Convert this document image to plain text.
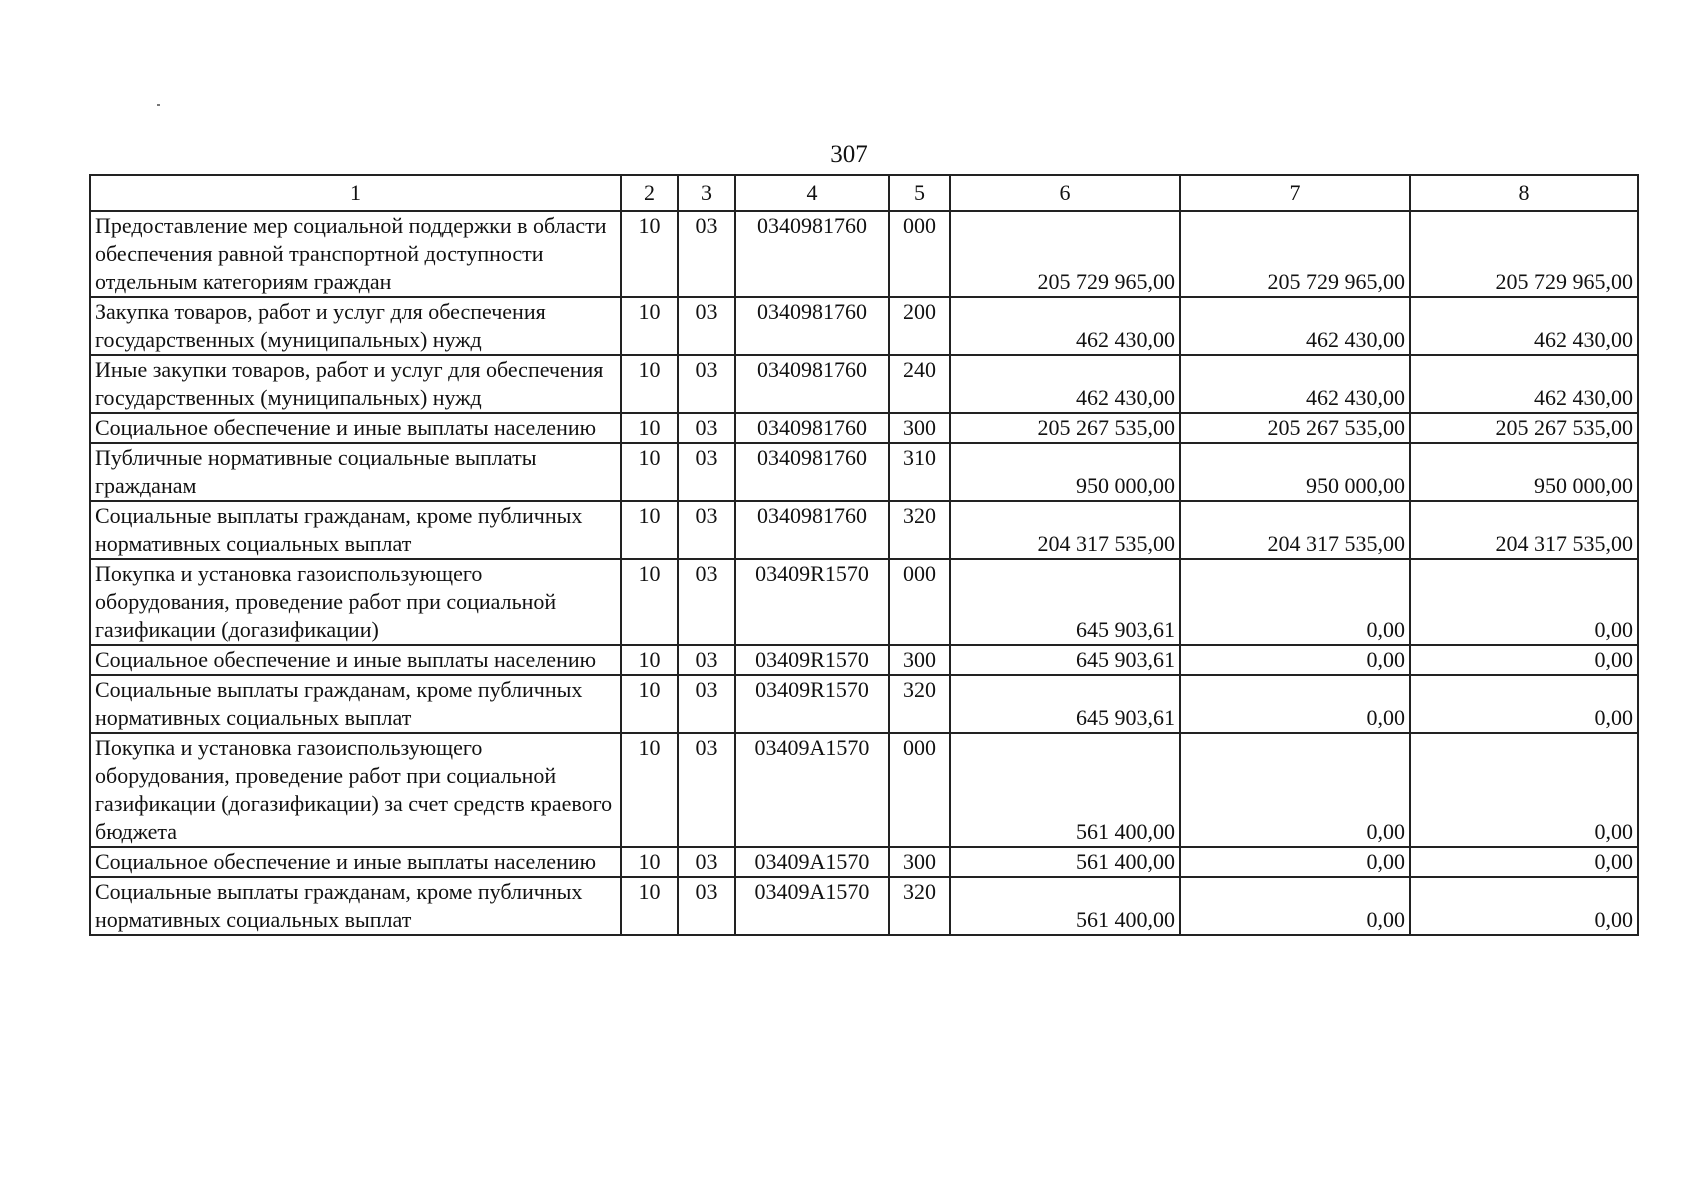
307
1	2	3	4	5	6	7	8
Предоставление мер социальной поддержки в области обеспечения равной транспортной доступности отдельным категориям граждан	10	03	0340981760	000	205 729 965,00	205 729 965,00	205 729 965,00
Закупка товаров, работ и услуг для обеспечения государственных (муниципальных) нужд	10	03	0340981760	200	462 430,00	462 430,00	462 430,00
Иные закупки товаров, работ и услуг для обеспечения государственных (муниципальных) нужд	10	03	0340981760	240	462 430,00	462 430,00	462 430,00
Социальное обеспечение и иные выплаты населению	10	03	0340981760	300	205 267 535,00	205 267 535,00	205 267 535,00
Публичные нормативные социальные выплаты гражданам	10	03	0340981760	310	950 000,00	950 000,00	950 000,00
Социальные выплаты гражданам, кроме публичных нормативных социальных выплат	10	03	0340981760	320	204 317 535,00	204 317 535,00	204 317 535,00
Покупка и установка газоиспользующего оборудования, проведение работ при социальной газификации (догазификации)	10	03	03409R1570	000	645 903,61	0,00	0,00
Социальное обеспечение и иные выплаты населению	10	03	03409R1570	300	645 903,61	0,00	0,00
Социальные выплаты гражданам, кроме публичных нормативных социальных выплат	10	03	03409R1570	320	645 903,61	0,00	0,00
Покупка и установка газоиспользующего оборудования, проведение работ при социальной газификации (догазификации) за счет средств краевого бюджета	10	03	03409A1570	000	561 400,00	0,00	0,00
Социальное обеспечение и иные выплаты населению	10	03	03409A1570	300	561 400,00	0,00	0,00
Социальные выплаты гражданам, кроме публичных нормативных социальных выплат	10	03	03409A1570	320	561 400,00	0,00	0,00
